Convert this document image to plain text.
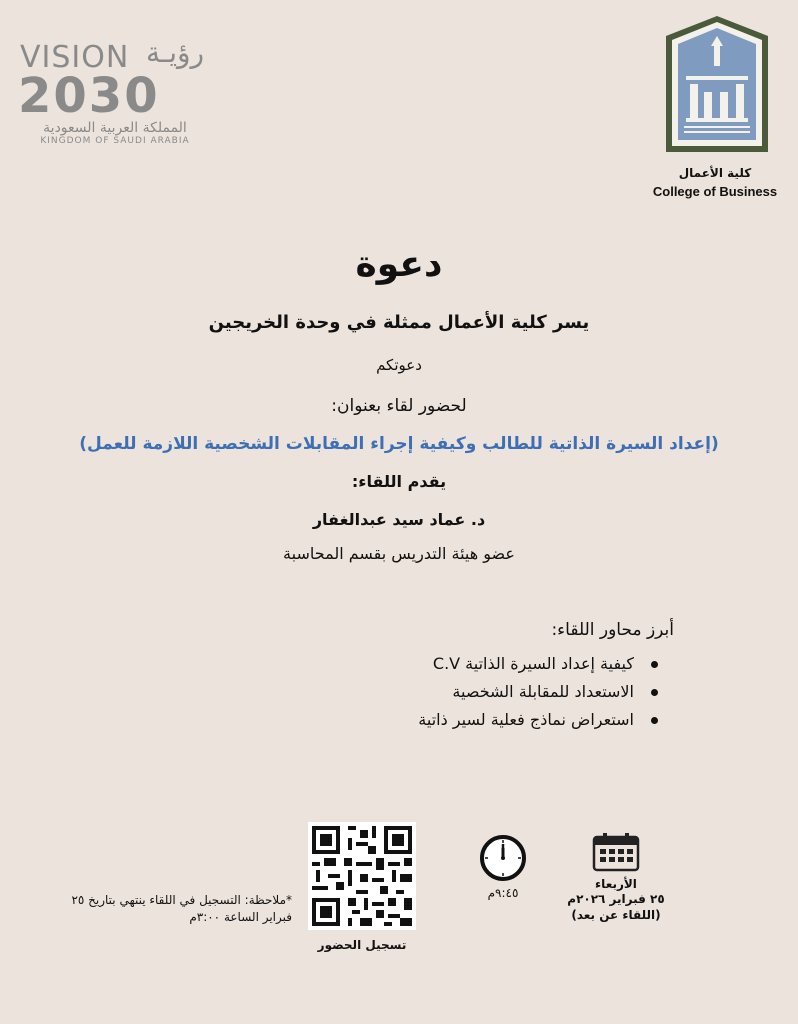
VISION رؤيـة
2030
المملكة العربية السعودية
KINGDOM OF SAUDI ARABIA
كلية الأعمال
College of Business
دعوة
يسر كلية الأعمال ممثلة في وحدة الخريجين
دعوتكم
لحضور لقاء بعنوان:
(إعداد السيرة الذاتية للطالب وكيفية إجراء المقابلات الشخصية اللازمة للعمل)
يقدم اللقاء:
د. عماد سيد عبدالغفار
عضو هيئة التدريس بقسم المحاسبة
أبرز محاور اللقاء:
كيفية إعداد السيرة الذاتية C.V
الاستعداد للمقابلة الشخصية
استعراض نماذج فعلية لسير ذاتية
الأربعاء
٢٥ فبراير ٢٠٢٦م
(اللقاء عن بعد)
٩:٤٥م
تسجيل الحضور
*ملاحظة: التسجيل في اللقاء ينتهي بتاريخ ٢٥ فبراير الساعة ٣:٠٠م
